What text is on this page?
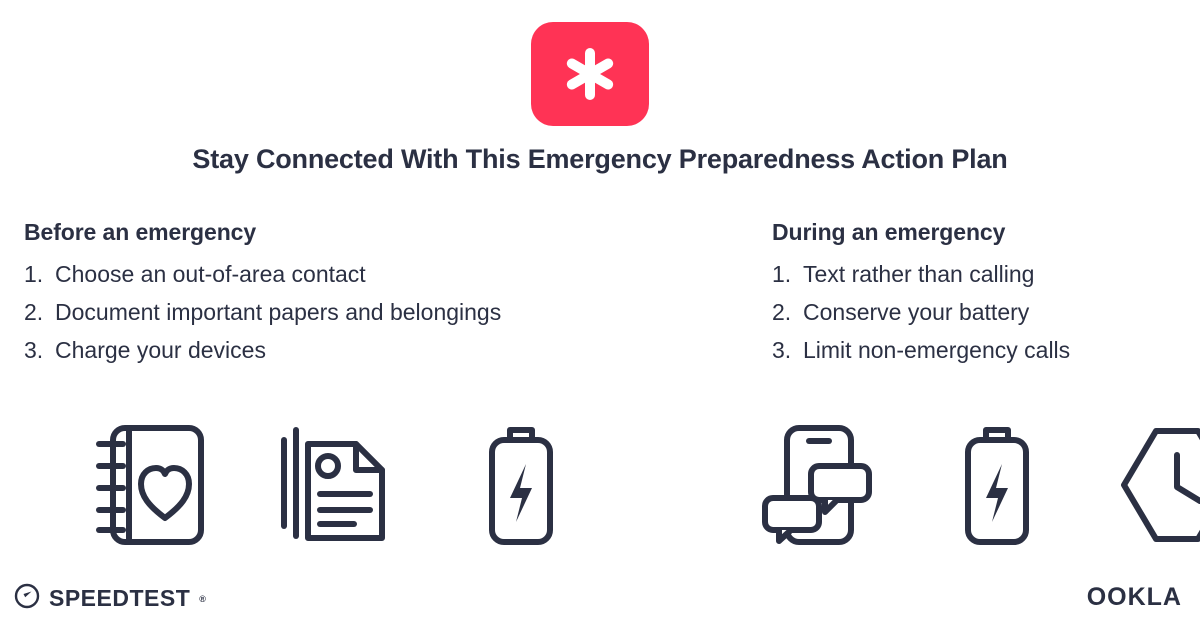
Stay Connected With This Emergency Preparedness Action Plan
Before an emergency
1. Choose an out-of-area contact
2. Document important papers and belongings
3. Charge your devices
During an emergency
1. Text rather than calling
2. Conserve your battery
3. Limit non-emergency calls
SPEEDTEST ®	OOKLA
